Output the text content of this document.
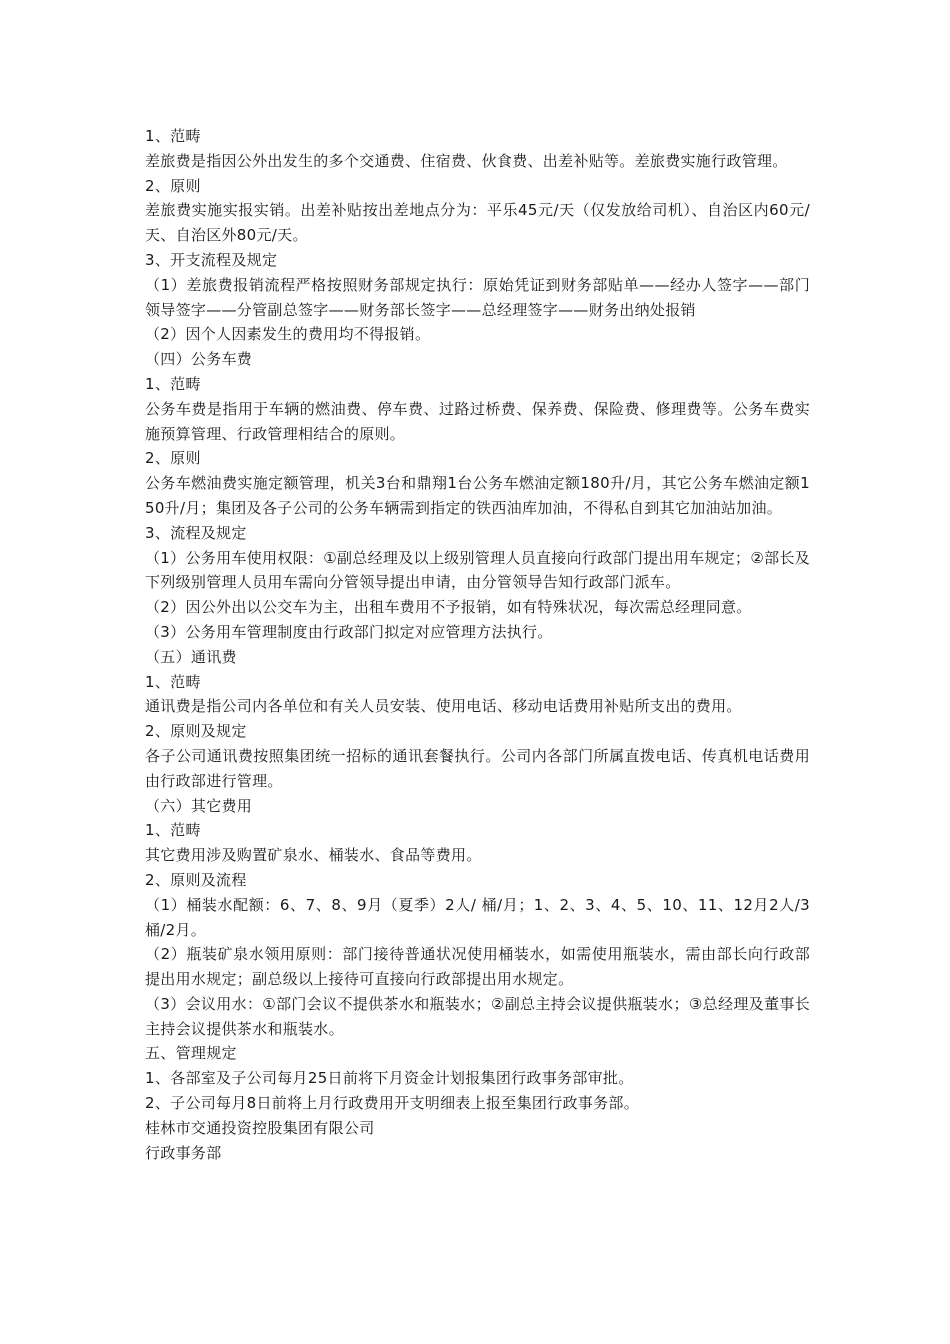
1、范畴

差旅费是指因公外出发生的多个交通费、住宿费、伙食费、出差补贴等。差旅费实施行政管理。

2、原则

差旅费实施实报实销。出差补贴按出差地点分为：平乐45元/天（仅发放给司机）、自治区内60元/天、自治区外80元/天。

3、开支流程及规定

（1）差旅费报销流程严格按照财务部规定执行：原始凭证到财务部贴单——经办人签字——部门领导签字——分管副总签字——财务部长签字——总经理签字——财务出纳处报销

（2）因个人因素发生的费用均不得报销。

（四）公务车费

1、范畴

公务车费是指用于车辆的燃油费、停车费、过路过桥费、保养费、保险费、修理费等。公务车费实施预算管理、行政管理相结合的原则。

2、原则

公务车燃油费实施定额管理，机关3台和鼎翔1台公务车燃油定额180升/月，其它公务车燃油定额150升/月；集团及各子公司的公务车辆需到指定的铁西油库加油，不得私自到其它加油站加油。

3、流程及规定

（1）公务用车使用权限：①副总经理及以上级别管理人员直接向行政部门提出用车规定；②部长及下列级别管理人员用车需向分管领导提出申请，由分管领导告知行政部门派车。

（2）因公外出以公交车为主，出租车费用不予报销，如有特殊状况，每次需总经理同意。

（3）公务用车管理制度由行政部门拟定对应管理方法执行。

（五）通讯费

1、范畴

通讯费是指公司内各单位和有关人员安装、使用电话、移动电话费用补贴所支出的费用。

2、原则及规定

各子公司通讯费按照集团统一招标的通讯套餐执行。公司内各部门所属直拨电话、传真机电话费用由行政部进行管理。

（六）其它费用

1、范畴

其它费用涉及购置矿泉水、桶装水、食品等费用。

2、原则及流程

（1）桶装水配额：6、7、8、9月（夏季）2人/ 桶/月；1、2、3、4、5、10、11、12月2人/3桶/2月。

（2）瓶装矿泉水领用原则：部门接待普通状况使用桶装水，如需使用瓶装水，需由部长向行政部提出用水规定；副总级以上接待可直接向行政部提出用水规定。

（3）会议用水：①部门会议不提供茶水和瓶装水；②副总主持会议提供瓶装水；③总经理及董事长主持会议提供茶水和瓶装水。

五、管理规定

1、各部室及子公司每月25日前将下月资金计划报集团行政事务部审批。

2、子公司每月8日前将上月行政费用开支明细表上报至集团行政事务部。

桂林市交通投资控股集团有限公司

行政事务部
